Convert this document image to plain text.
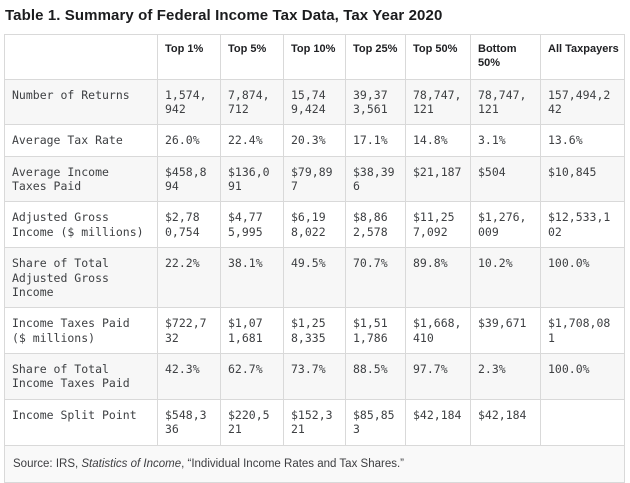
Table 1. Summary of Federal Income Tax Data, Tax Year 2020
	Top 1%	Top 5%	Top 10%	Top 25%	Top 50%	Bottom 50%	All Taxpayers
Number of Returns	1,574,942	7,874,712	15,749,424	39,373,561	78,747,121	78,747,121	157,494,242
Average Tax Rate	26.0%	22.4%	20.3%	17.1%	14.8%	3.1%	13.6%
Average Income Taxes Paid	$458,894	$136,091	$79,897	$38,396	$21,187	$504	$10,845
Adjusted Gross Income ($ millions)	$2,780,754	$4,775,995	$6,198,022	$8,862,578	$11,257,092	$1,276,009	$12,533,102
Share of Total Adjusted Gross Income	22.2%	38.1%	49.5%	70.7%	89.8%	10.2%	100.0%
Income Taxes Paid ($ millions)	$722,732	$1,071,681	$1,258,335	$1,511,786	$1,668,410	$39,671	$1,708,081
Share of Total Income Taxes Paid	42.3%	62.7%	73.7%	88.5%	97.7%	2.3%	100.0%
Income Split Point	$548,336	$220,521	$152,321	$85,853	$42,184	$42,184	
Source: IRS, Statistics of Income, “Individual Income Rates and Tax Shares.”							
